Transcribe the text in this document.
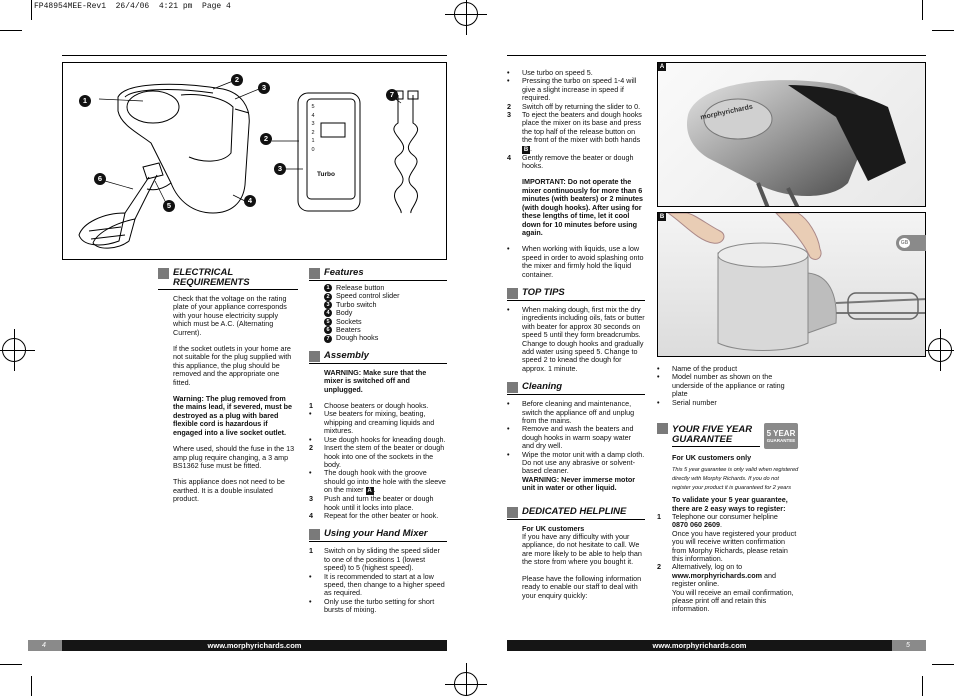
FP48954MEE-Rev1  26/4/06  4:21 pm  Page 4
1
2
3
2
3
4
5
6
7
5
4
3
2
1
0
Turbo
ELECTRICAL REQUIREMENTS

Check that the voltage on the rating plate of your appliance corresponds with your house electricity supply which must be A.C. (Alternating Current).

If the socket outlets in your home are not suitable for the plug supplied with this appliance, the plug should be removed and the appropriate one fitted.

Warning: The plug removed from the mains lead, if severed, must be destroyed as a plug with bared flexible cord is hazardous if engaged into a live socket outlet.

Where used, should the fuse in the 13 amp plug require changing, a 3 amp BS1362 fuse must be fitted.

This appliance does not need to be earthed. It is a double insulated product.

Features
1 Release button
2 Speed control slider
3 Turbo switch
4 Body
5 Sockets
6 Beaters
7 Dough hooks
Assembly

WARNING: Make sure that the mixer is switched off and unplugged.

1	Choose beaters or dough hooks.
•	Use beaters for mixing, beating, whipping and creaming liquids and mixtures.
•	Use dough hooks for kneading dough.
2	Insert the stem of the beater or dough hook into one of the sockets in the body.
•	The dough hook with the groove should go into the hole with the sleeve on the mixer A .
3	Push and turn the beater or dough hook until it locks into place.
4	Repeat for the other beater or hook.
Using your Hand Mixer
1	Switch on by sliding the speed slider to one of the positions 1 (lowest speed) to 5 (highest speed).
•	It is recommended to start at a low speed, then change to a higher speed as required.
•	Only use the turbo setting for short bursts of mixing.
•	Use turbo on speed 5.
•	Pressing the turbo on speed 1-4 will give a slight increase in speed if required.
2	Switch off by returning the slider to 0.
3	To eject the beaters and dough hooks place the mixer on its base and press the top half of the release button on the front of the mixer with both hands B .
4	Gently remove the beater or dough hooks.

IMPORTANT: Do not operate the mixer continuously for more than 6 minutes (with beaters) or 2 minutes (with dough hooks). After using for these lengths of time, let it cool down for 10 minutes before using again.

•	When working with liquids, use a low speed in order to avoid splashing onto the mixer and firmly hold the liquid container.
TOP TIPS
•	When making dough, first mix the dry ingredients including oils, fats or butter with beater for approx 30 seconds on speed 5 until they form breadcrumbs. Change to dough hooks and gradually add water using speed 5. Change to speed 2 to knead the dough for approx. 1 minute.
Cleaning
•	Before cleaning and maintenance, switch the appliance off and unplug from the mains.
•	Remove and wash the beaters and dough hooks in warm soapy water and dry well.
•	Wipe the motor unit with a damp cloth. Do not use any abrasive or solvent-based cleaner.

WARNING: Never immerse motor unit in water or other liquid.

DEDICATED HELPLINE

For UK customers

If you have any difficulty with your appliance, do not hesitate to call. We are more likely to be able to help than the store from where you bought it.

Please have the following information ready to enable our staff to deal with your enquiry quickly:

A
morphyrichards
B
•	Name of the product
•	Model number as shown on the underside of the appliance or rating plate
•	Serial number
YOUR FIVE YEAR GUARANTEE
5 YEAR
GUARANTEE

For UK customers only

This 5 year guarantee is only valid when registered directly with Morphy Richards. If you do not register your product it is guaranteed for 2 years

To validate your 5 year guarantee, there are 2 easy ways to register:

1	Telephone our consumer helpline
0870 060 2609.
Once you have registered your product you will receive written confirmation from Morphy Richards, please retain this information.
2	Alternatively, log on to
www.morphyrichards.com and register online.
You will receive an email confirmation, please print off and retain this information.
GB
4	www.morphyrichards.com	www.morphyrichards.com	5
